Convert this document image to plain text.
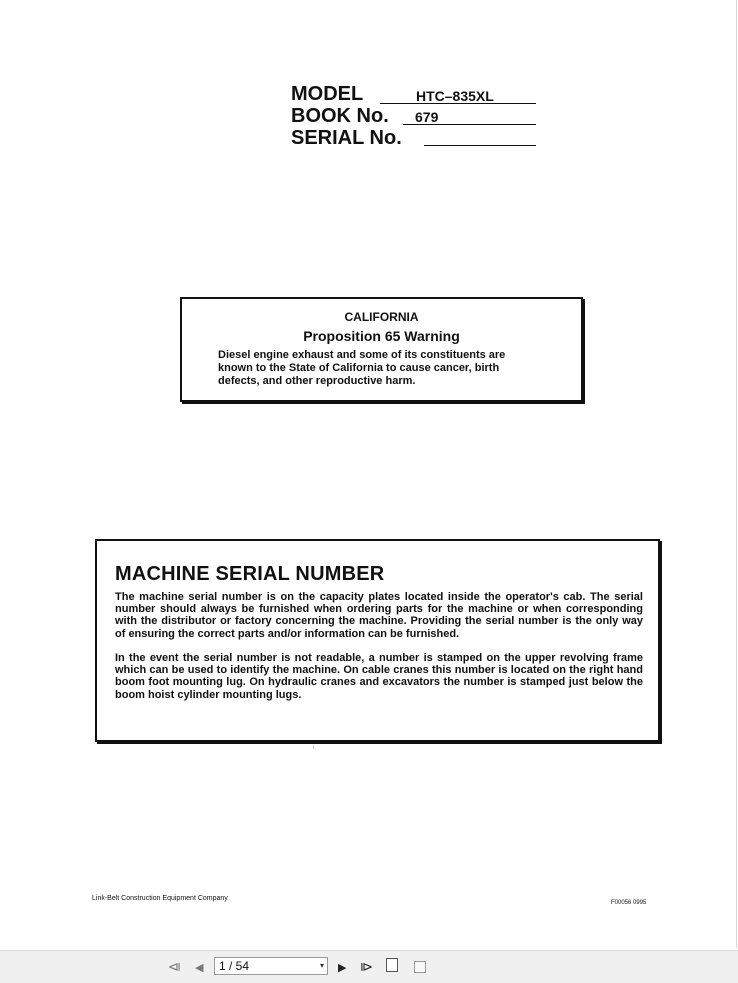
MODEL	HTC–835XL
BOOK No. 679
SERIAL No.
CALIFORNIA
Proposition 65 Warning
Diesel engine exhaust and some of its constituents are known to the State of California to cause cancer, birth defects, and other reproductive harm.
MACHINE SERIAL NUMBER
The machine serial number is on the capacity plates located inside the operator's cab. The serial number should always be furnished when ordering parts for the machine or when corresponding with the distributor or factory concerning the machine. Providing the serial number is the only way of ensuring the correct parts and/or information can be furnished.
In the event the serial number is not readable, a number is stamped on the upper revolving frame which can be used to identify the machine. On cable cranes this number is located on the right hand boom foot mounting lug. On hydraulic cranes and excavators the number is stamped just below the boom hoist cylinder mounting lugs.
Link-Belt Construction Equipment Company
F00056 0995
⧏ ◀	1 / 54	▾ ▶ ⧐
